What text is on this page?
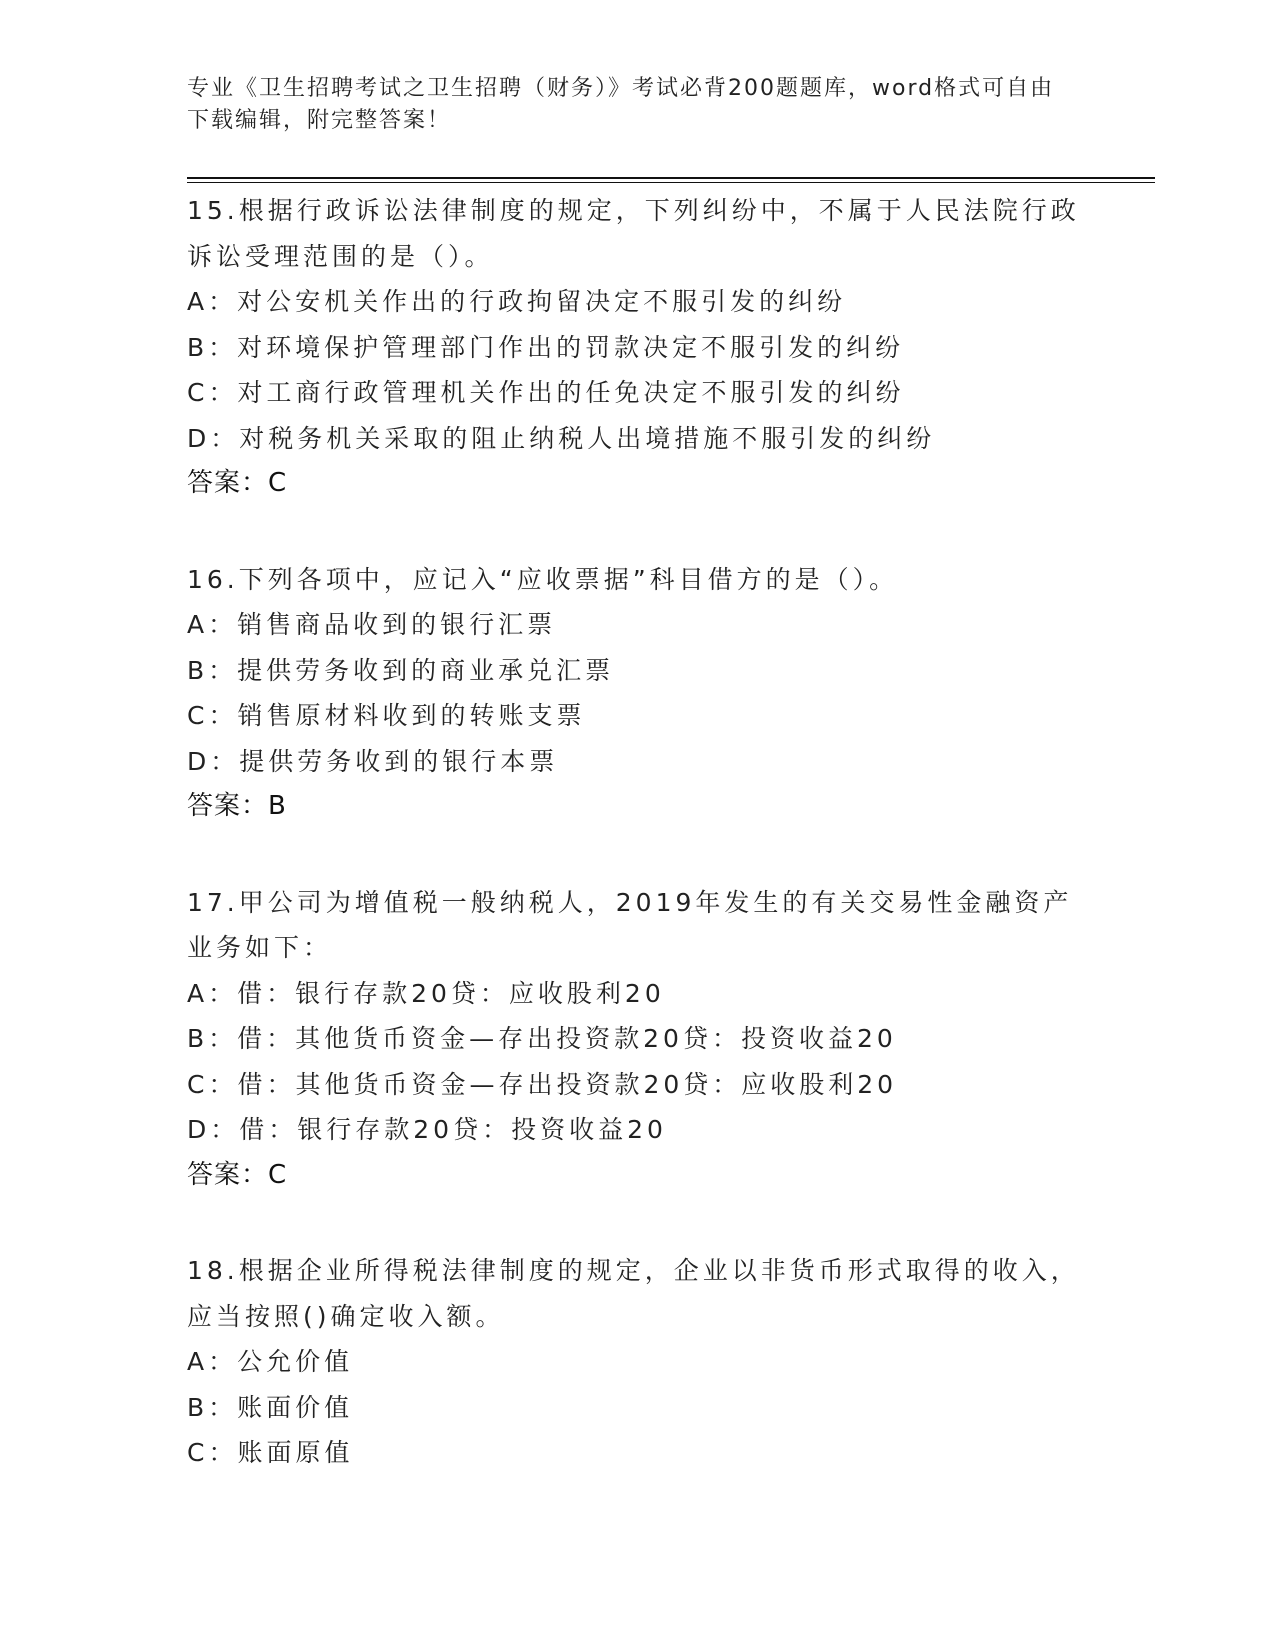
专业《卫生招聘考试之卫生招聘（财务）》考试必背200题题库，word格式可自由下载编辑，附完整答案！
15.根据行政诉讼法律制度的规定，下列纠纷中，不属于人民法院行政诉讼受理范围的是（）。
A：对公安机关作出的行政拘留决定不服引发的纠纷
B：对环境保护管理部门作出的罚款决定不服引发的纠纷
C：对工商行政管理机关作出的任免决定不服引发的纠纷
D：对税务机关采取的阻止纳税人出境措施不服引发的纠纷
答案：C
16.下列各项中，应记入“应收票据”科目借方的是（）。
A：销售商品收到的银行汇票
B：提供劳务收到的商业承兑汇票
C：销售原材料收到的转账支票
D：提供劳务收到的银行本票
答案：B
17.甲公司为增值税一般纳税人，2019年发生的有关交易性金融资产业务如下：
A：借：银行存款20贷：应收股利20
B：借：其他货币资金—存出投资款20贷：投资收益20
C：借：其他货币资金—存出投资款20贷：应收股利20
D：借：银行存款20贷：投资收益20
答案：C
18.根据企业所得税法律制度的规定，企业以非货币形式取得的收入，应当按照()确定收入额。
A：公允价值
B：账面价值
C：账面原值
